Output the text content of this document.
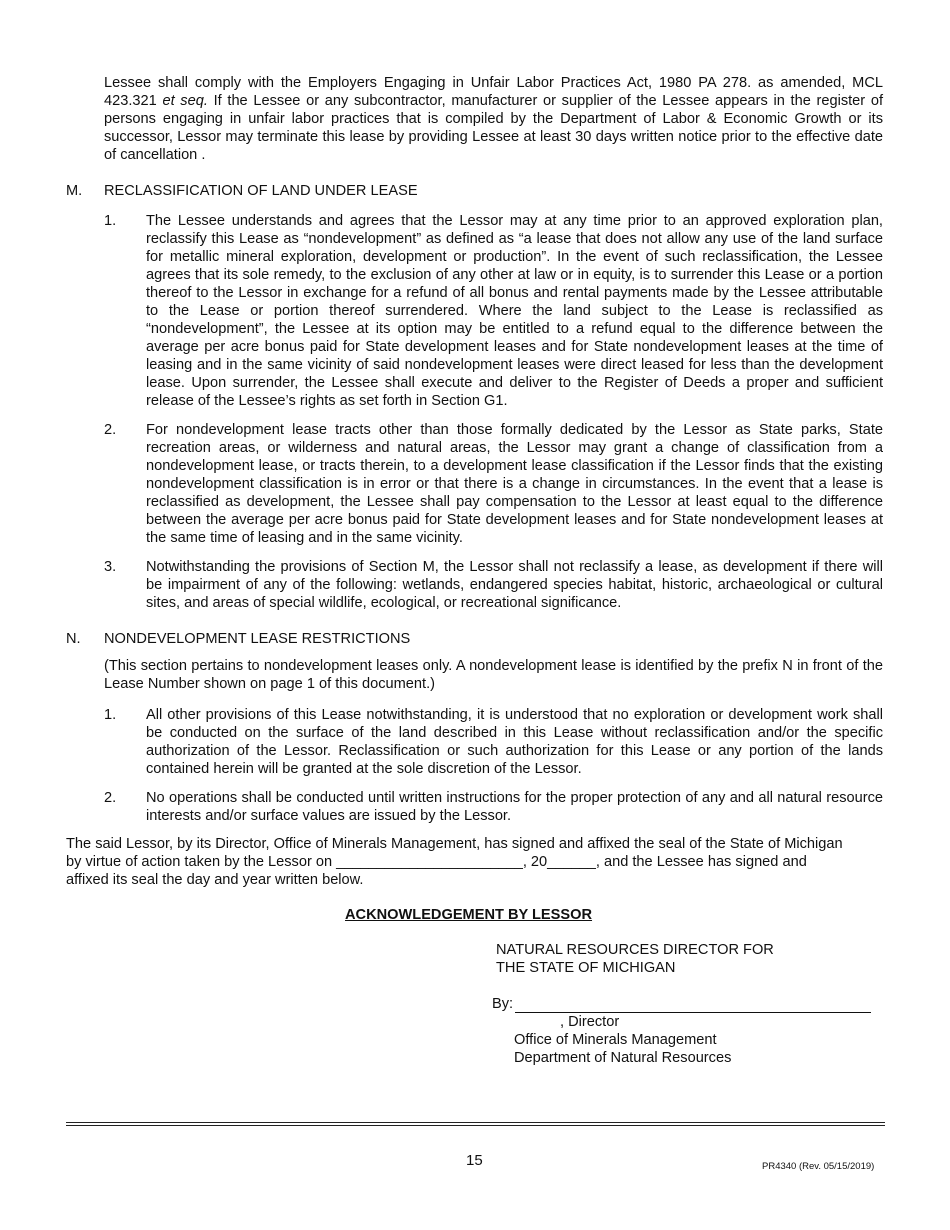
Lessee shall comply with the Employers Engaging in Unfair Labor Practices Act, 1980 PA 278. as amended, MCL 423.321 et seq. If the Lessee or any subcontractor, manufacturer or supplier of the Lessee appears in the register of persons engaging in unfair labor practices that is compiled by the Department of Labor & Economic Growth or its successor, Lessor may terminate this lease by providing Lessee at least 30 days written notice prior to the effective date of cancellation .
M. RECLASSIFICATION OF LAND UNDER LEASE
1. The Lessee understands and agrees that the Lessor may at any time prior to an approved exploration plan, reclassify this Lease as “nondevelopment” as defined as “a lease that does not allow any use of the land surface for metallic mineral exploration, development or production”. In the event of such reclassification, the Lessee agrees that its sole remedy, to the exclusion of any other at law or in equity, is to surrender this Lease or a portion thereof to the Lessor in exchange for a refund of all bonus and rental payments made by the Lessee attributable to the Lease or portion thereof surrendered. Where the land subject to the Lease is reclassified as “nondevelopment”, the Lessee at its option may be entitled to a refund equal to the difference between the average per acre bonus paid for State development leases and for State nondevelopment leases at the time of leasing and in the same vicinity of said nondevelopment leases were direct leased for less than the development lease. Upon surrender, the Lessee shall execute and deliver to the Register of Deeds a proper and sufficient release of the Lessee’s rights as set forth in Section G1.
2. For nondevelopment lease tracts other than those formally dedicated by the Lessor as State parks, State recreation areas, or wilderness and natural areas, the Lessor may grant a change of classification from a nondevelopment lease, or tracts therein, to a development lease classification if the Lessor finds that the existing nondevelopment classification is in error or that there is a change in circumstances. In the event that a lease is reclassified as development, the Lessee shall pay compensation to the Lessor at least equal to the difference between the average per acre bonus paid for State development leases and for State nondevelopment leases at the same time of leasing and in the same vicinity.
3. Notwithstanding the provisions of Section M, the Lessor shall not reclassify a lease, as development if there will be impairment of any of the following: wetlands, endangered species habitat, historic, archaeological or cultural sites, and areas of special wildlife, ecological, or recreational significance.
N. NONDEVELOPMENT LEASE RESTRICTIONS
(This section pertains to nondevelopment leases only. A nondevelopment lease is identified by the prefix N in front of the Lease Number shown on page 1 of this document.)
1. All other provisions of this Lease notwithstanding, it is understood that no exploration or development work shall be conducted on the surface of the land described in this Lease without reclassification and/or the specific authorization of the Lessor. Reclassification or such authorization for this Lease or any portion of the lands contained herein will be granted at the sole discretion of the Lessor.
2. No operations shall be conducted until written instructions for the proper protection of any and all natural resource interests and/or surface values are issued by the Lessor.
The said Lessor, by its Director, Office of Minerals Management, has signed and affixed the seal of the State of Michigan
by virtue of action taken by the Lessor on _______________________, 20______, and the Lessee has signed and
affixed its seal the day and year written below.
ACKNOWLEDGEMENT BY LESSOR
NATURAL RESOURCES DIRECTOR FOR
THE STATE OF MICHIGAN
By:
, Director
Office of Minerals Management
Department of Natural Resources
15	PR4340 (Rev. 05/15/2019)
